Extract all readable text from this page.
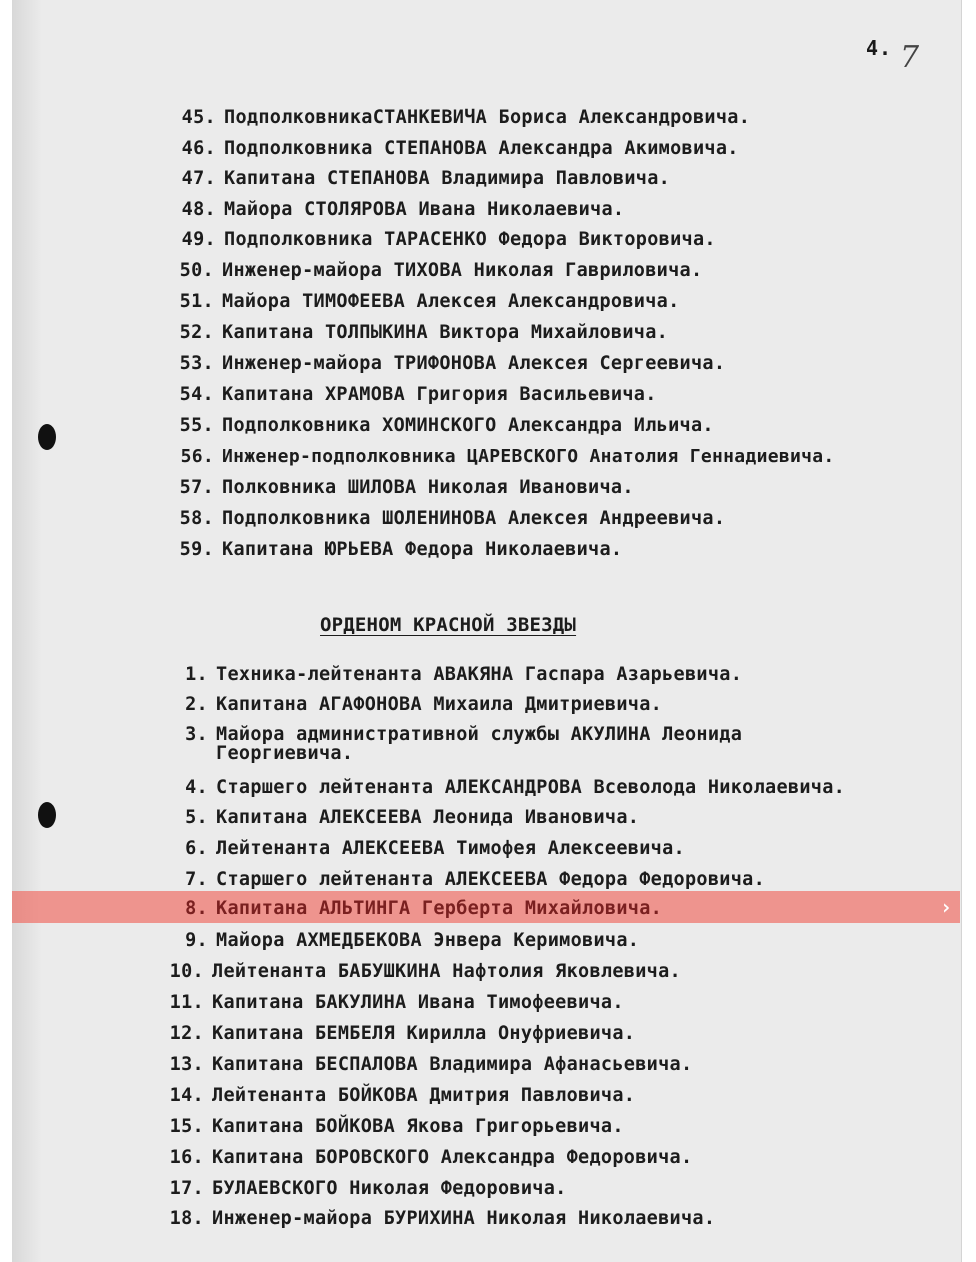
4. 7
45. ПодполковникаСТАНКЕВИЧА Бориса Александровича.
46. Подполковника СТЕПАНОВА Александра Акимовича.
47. Капитана СТЕПАНОВА Владимира Павловича.
48. Майора СТОЛЯРОВА Ивана Николаевича.
49. Подполковника ТАРАСЕНКО Федора Викторовича.
50. Инженер-майора ТИХОВА Николая Гавриловича.
51. Майора ТИМОФЕЕВА Алексея Александровича.
52. Капитана ТОЛПЫКИНА Виктора Михайловича.
53. Инженер-майора ТРИФОНОВА Алексея Сергеевича.
54. Капитана ХРАМОВА Григория Васильевича.
55. Подполковника ХОМИНСКОГО Александра Ильича.
56. Инженер-подполковника ЦАРЕВСКОГО Анатолия Геннадиевича.
57. Полковника ШИЛОВА Николая Ивановича.
58. Подполковника ШОЛЕНИНОВА Алексея Андреевича.
59. Капитана ЮРЬЕВА Федора Николаевича.
ОРДЕНОМ КРАСНОЙ ЗВЕЗДЫ
1. Техника-лейтенанта АВАКЯНА Гаспара Азарьевича.
2. Капитана АГАФОНОВА Михаила Дмитриевича.
3. Майора административной службы АКУЛИНА Леонида
Георгиевича.
4. Старшего лейтенанта АЛЕКСАНДРОВА Всеволода Николаевича.
5. Капитана АЛЕКСЕЕВА Леонида Ивановича.
6. Лейтенанта АЛЕКСЕЕВА Тимофея Алексеевича.
7. Старшего лейтенанта АЛЕКСЕЕВА Федора Федоровича.
8. Капитана АЛЬТИНГА Герберта Михайловича.	›
9. Майора АХМЕДБЕКОВА Энвера Керимовича.
10. Лейтенанта БАБУШКИНА Нафтолия Яковлевича.
11. Капитана БАКУЛИНА Ивана Тимофеевича.
12. Капитана БЕМБЕЛЯ Кирилла Онуфриевича.
13. Капитана БЕСПАЛОВА Владимира Афанасьевича.
14. Лейтенанта БОЙКОВА Дмитрия Павловича.
15. Капитана БОЙКОВА Якова Григорьевича.
16. Капитана БОРОВСКОГО Александра Федоровича.
17. БУЛАЕВСКОГО Николая Федоровича.
18. Инженер-майора БУРИХИНА Николая Николаевича.
